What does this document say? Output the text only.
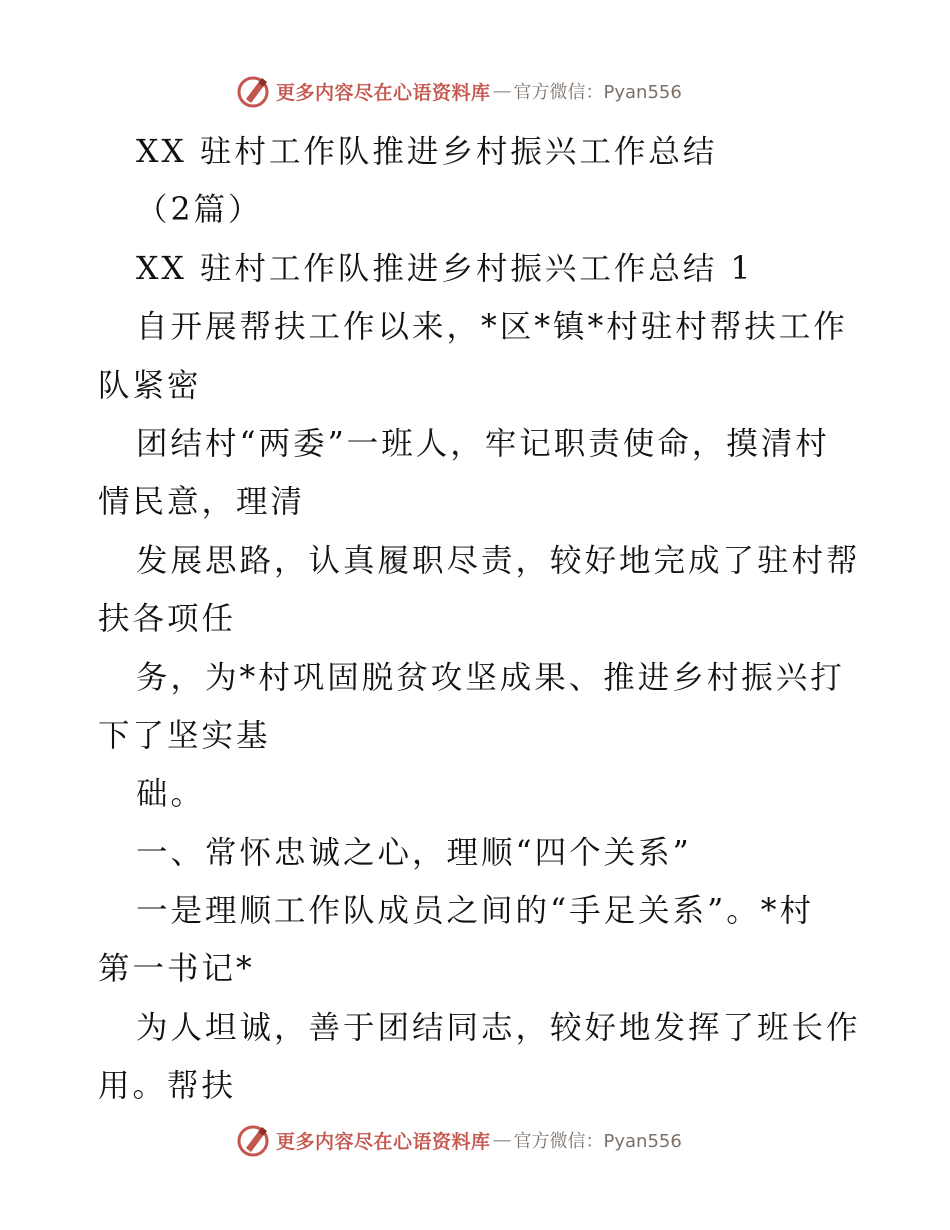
更多内容尽在心语资料库 — 官方微信：Pyan556
XX 驻村工作队推进乡村振兴工作总结
（2篇）
XX 驻村工作队推进乡村振兴工作总结 1
自开展帮扶工作以来，*区*镇*村驻村帮扶工作
队紧密
团结村“两委”一班人，牢记职责使命，摸清村
情民意，理清
发展思路，认真履职尽责，较好地完成了驻村帮
扶各项任
务，为*村巩固脱贫攻坚成果、推进乡村振兴打
下了坚实基
础。
一、常怀忠诚之心，理顺“四个关系”
一是理顺工作队成员之间的“手足关系”。*村
第一书记*
为人坦诚，善于团结同志，较好地发挥了班长作
用。帮扶
更多内容尽在心语资料库 — 官方微信：Pyan556
